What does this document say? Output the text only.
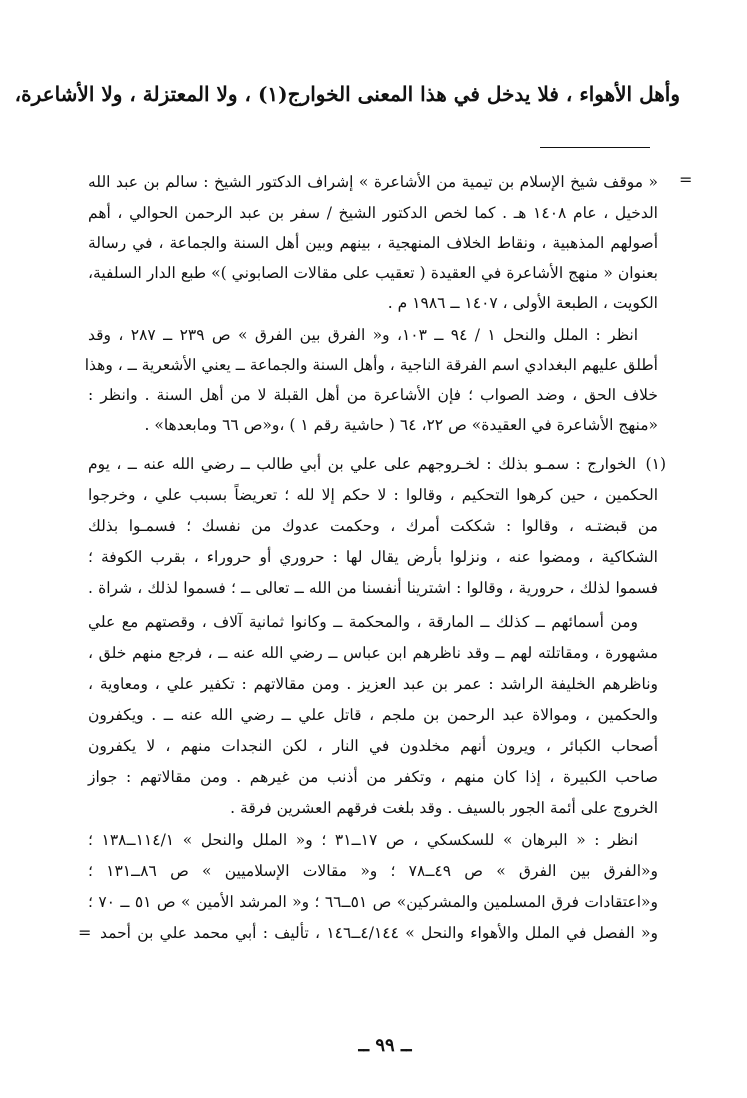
وأهل الأهواء ، فلا يدخل في هذا المعنى الخوارج(١) ، ولا المعتزلة ، ولا الأشاعرة،
=
« موقف شيخ الإسلام بن تيمية من الأشاعرة » إشراف الدكتور الشيخ : سالم بن عبد الله
الدخيل ، عام ١٤٠٨ هـ . كما لخص الدكتور الشيخ / سفر بن عبد الرحمن الحوالي ، أهم
أصولهم المذهبية ، ونقاط الخلاف المنهجية ، بينهم وبين أهل السنة والجماعة ، في رسالة
بعنوان « منهج الأشاعرة في العقيدة ( تعقيب على مقالات الصابوني )» طبع الدار السلفية،
الكويت ، الطبعة الأولى ، ١٤٠٧ ــ ١٩٨٦ م .
انظر : الملل والنحل ١ / ٩٤ ــ ١٠٣، و« الفرق بين الفرق » ص ٢٣٩ ــ ٢٨٧ ، وقد
أطلق عليهم البغدادي اسم الفرقة الناجية ، وأهل السنة والجماعة ــ يعني الأشعرية ــ ، وهذا
خلاف الحق ، وضد الصواب ؛ فإن الأشاعرة من أهل القبلة لا من أهل السنة . وانظر :
«منهج الأشاعرة في العقيدة» ص ٢٢، ٦٤ ( حاشية رقم ١ ) ،و«ص ٦٦ ومابعدها» .
(١)
الخوارج : سمـو بذلك : لخـروجهم على علي بن أبي طالب ــ رضي الله عنه ــ ، يوم
الحكمين ، حين كرهوا التحكيم ، وقالوا : لا حكم إلا لله ؛ تعريضاً بسبب علي ، وخرجوا
من قبضتـه ، وقالوا : شككت أمرك ، وحكمت عدوك من نفسك ؛ فسمـوا بذلك
الشكاكية ، ومضوا عنه ، ونزلوا بأرض يقال لها : حروري أو حروراء ، بقرب الكوفة ؛
فسموا لذلك ، حرورية ، وقالوا : اشترينا أنفسنا من الله ــ تعالى ــ ؛ فسموا لذلك ، شراة .
ومن أسمائهم ــ كذلك ــ المارقة ، والمحكمة ــ وكانوا ثمانية آلاف ، وقصتهم مع علي
مشهورة ، ومقاتلته لهم ــ وقد ناظرهم ابن عباس ــ رضي الله عنه ــ ، فرجع منهم خلق ،
وناظرهم الخليفة الراشد : عمر بن عبد العزيز . ومن مقالاتهم : تكفير علي ، ومعاوية ،
والحكمين ، وموالاة عبد الرحمن بن ملجم ، قاتل علي ــ رضي الله عنه ــ . ويكفرون
أصحاب الكبائر ، ويرون أنهم مخلدون في النار ، لكن النجدات منهم ، لا يكفرون
صاحب الكبيرة ، إذا كان منهم ، وتكفر من أذنب من غيرهم . ومن مقالاتهم : جواز
الخروج على أئمة الجور بالسيف . وقد بلغت فرقهم العشرين فرقة .
انظر : « البرهان » للسكسكي ، ص ١٧ــ٣١ ؛ و« الملل والنحل » ١١٤/١ــ١٣٨ ؛
و«الفرق بين الفرق » ص ٤٩ــ٧٨ ؛ و« مقالات الإسلاميين » ص ٨٦ــ١٣١ ؛
و«اعتقادات فرق المسلمين والمشركين» ص ٥١ــ٦٦ ؛ و« المرشد الأمين » ص ٥١ ــ ٧٠ ؛
و« الفصل في الملل والأهواء والنحل » ٤/١٤٤ــ١٤٦ ، تأليف : أبي محمد علي بن أحمد
=
ــ ٩٩ ــ
